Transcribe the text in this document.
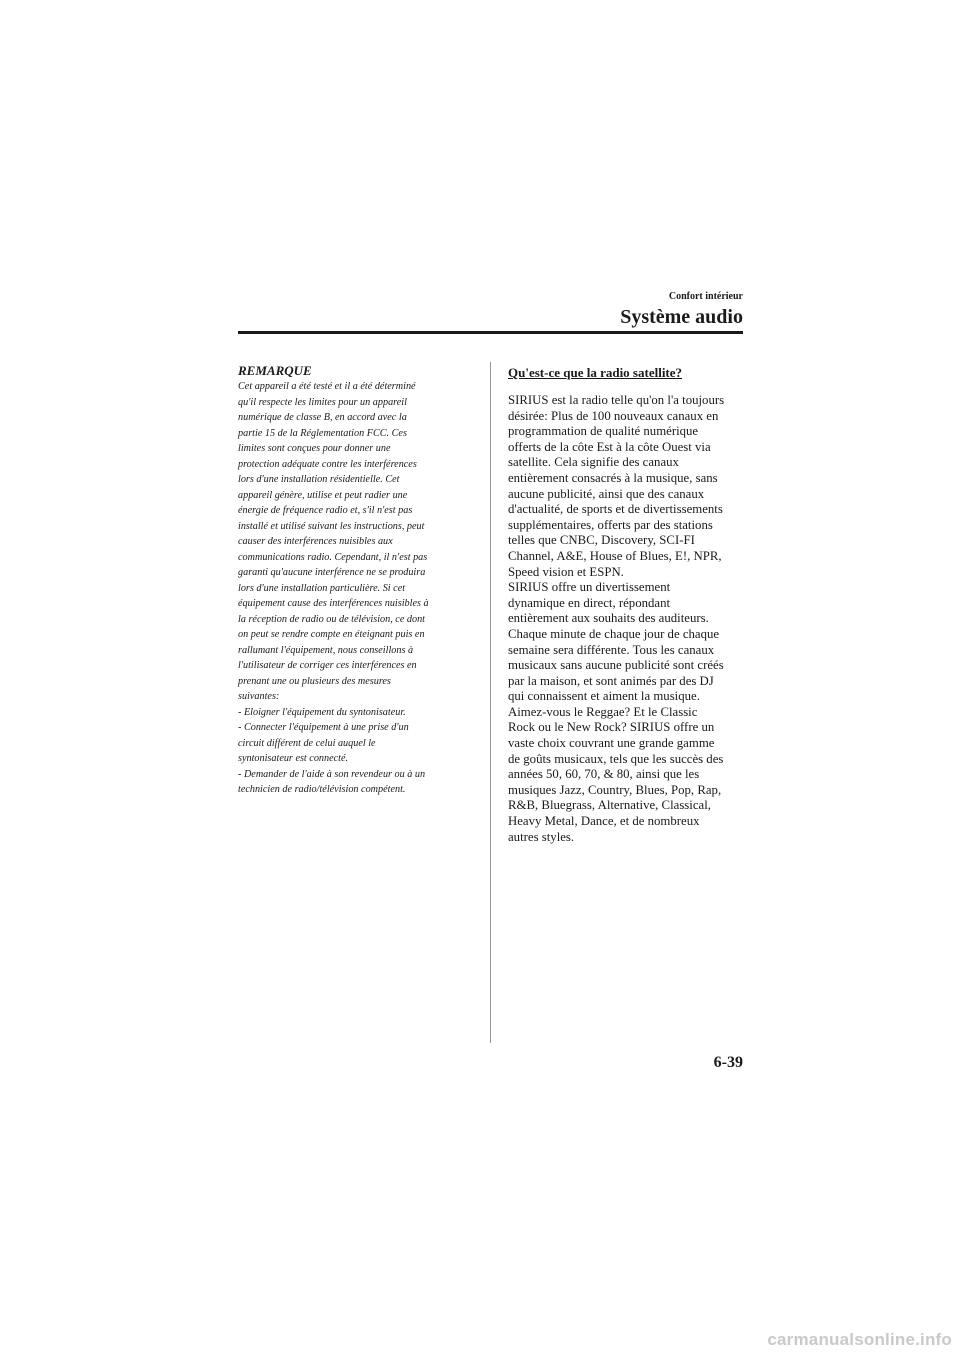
Confort intérieur
Système audio
REMARQUE
Cet appareil a été testé et il a été déterminé
qu'il respecte les limites pour un appareil
numérique de classe B, en accord avec la
partie 15 de la Réglementation FCC. Ces
limites sont conçues pour donner une
protection adéquate contre les interférences
lors d'une installation résidentielle. Cet
appareil génère, utilise et peut radier une
énergie de fréquence radio et, s'il n'est pas
installé et utilisé suivant les instructions, peut
causer des interférences nuisibles aux
communications radio. Cependant, il n'est pas
garanti qu'aucune interférence ne se produira
lors d'une installation particulière. Si cet
équipement cause des interférences nuisibles à
la réception de radio ou de télévision, ce dont
on peut se rendre compte en éteignant puis en
rallumant l'équipement, nous conseillons à
l'utilisateur de corriger ces interférences en
prenant une ou plusieurs des mesures
suivantes:
- Eloigner l'équipement du syntonisateur.
- Connecter l'équipement à une prise d'un
circuit différent de celui auquel le
syntonisateur est connecté.
- Demander de l'aide à son revendeur ou à un
technicien de radio/télévision compétent.
Qu'est-ce que la radio satellite?
SIRIUS est la radio telle qu'on l'a toujours
désirée: Plus de 100 nouveaux canaux en
programmation de qualité numérique
offerts de la côte Est à la côte Ouest via
satellite. Cela signifie des canaux
entièrement consacrés à la musique, sans
aucune publicité, ainsi que des canaux
d'actualité, de sports et de divertissements
supplémentaires, offerts par des stations
telles que CNBC, Discovery, SCI-FI
Channel, A&E, House of Blues, E!, NPR,
Speed vision et ESPN.
SIRIUS offre un divertissement
dynamique en direct, répondant
entièrement aux souhaits des auditeurs.
Chaque minute de chaque jour de chaque
semaine sera différente. Tous les canaux
musicaux sans aucune publicité sont créés
par la maison, et sont animés par des DJ
qui connaissent et aiment la musique.
Aimez-vous le Reggae? Et le Classic
Rock ou le New Rock? SIRIUS offre un
vaste choix couvrant une grande gamme
de goûts musicaux, tels que les succès des
années 50, 60, 70, & 80, ainsi que les
musiques Jazz, Country, Blues, Pop, Rap,
R&B, Bluegrass, Alternative, Classical,
Heavy Metal, Dance, et de nombreux
autres styles.
6-39
carmanualsonline.info
